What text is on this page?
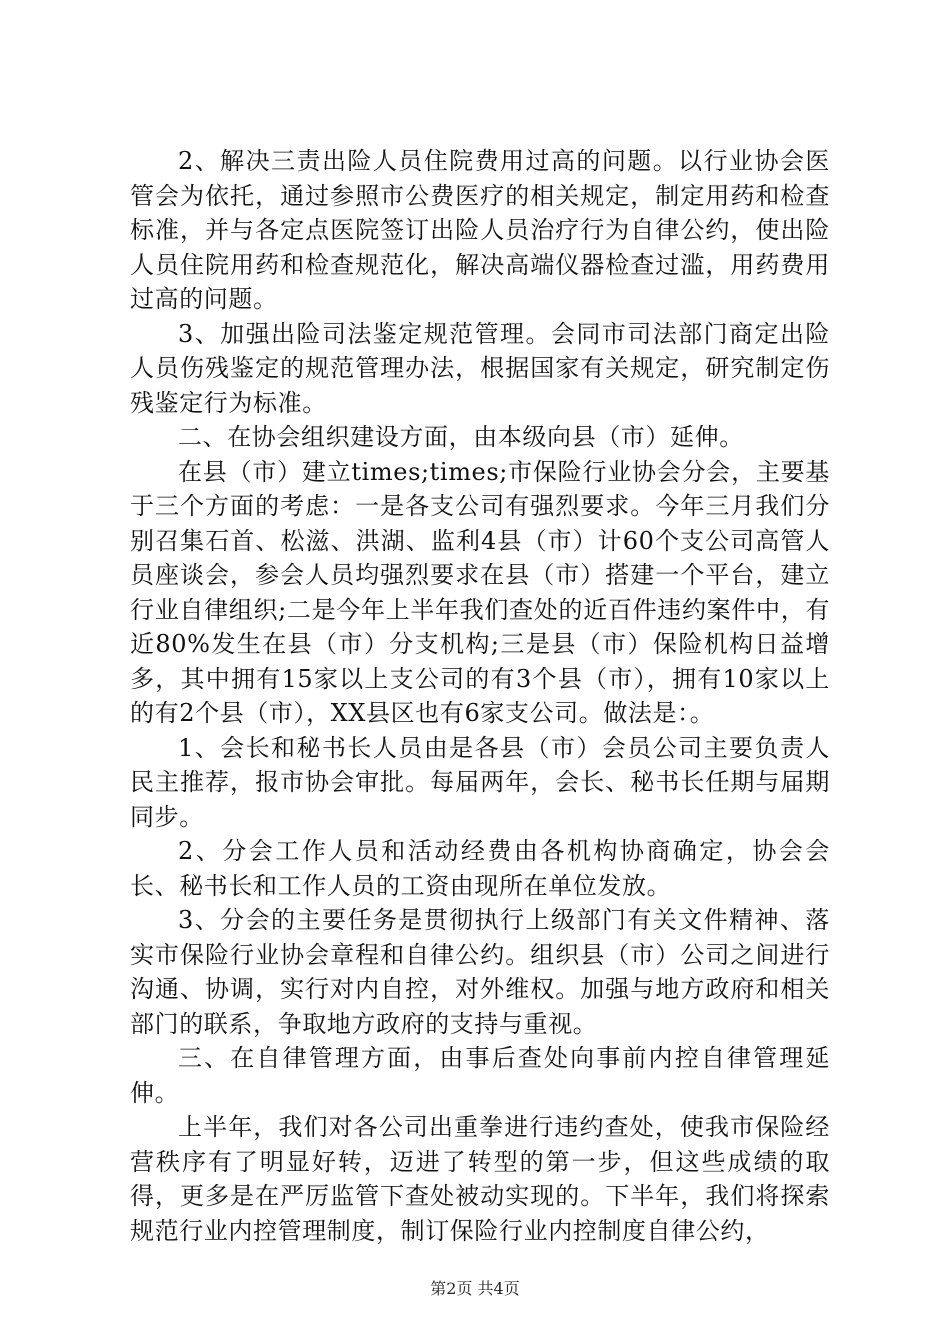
2、解决三责出险人员住院费用过高的问题。以行业协会医管会为依托，通过参照市公费医疗的相关规定，制定用药和检查标准，并与各定点医院签订出险人员治疗行为自律公约，使出险人员住院用药和检查规范化，解决高端仪器检查过滥，用药费用过高的问题。

3、加强出险司法鉴定规范管理。会同市司法部门商定出险人员伤残鉴定的规范管理办法，根据国家有关规定，研究制定伤残鉴定行为标准。

二、在协会组织建设方面，由本级向县（市）延伸。

在县（市）建立times;times;市保险行业协会分会，主要基于三个方面的考虑：一是各支公司有强烈要求。今年三月我们分别召集石首、松滋、洪湖、监利4县（市）计60个支公司高管人员座谈会，参会人员均强烈要求在县（市）搭建一个平台，建立行业自律组织;二是今年上半年我们查处的近百件违约案件中，有近80%发生在县（市）分支机构;三是县（市）保险机构日益增多，其中拥有15家以上支公司的有3个县（市），拥有10家以上的有2个县（市），XX县区也有6家支公司。做法是：。

1、会长和秘书长人员由是各县（市）会员公司主要负责人民主推荐，报市协会审批。每届两年，会长、秘书长任期与届期同步。

2、分会工作人员和活动经费由各机构协商确定，协会会长、秘书长和工作人员的工资由现所在单位发放。

3、分会的主要任务是贯彻执行上级部门有关文件精神、落实市保险行业协会章程和自律公约。组织县（市）公司之间进行沟通、协调，实行对内自控，对外维权。加强与地方政府和相关部门的联系，争取地方政府的支持与重视。

三、在自律管理方面，由事后查处向事前内控自律管理延伸。

上半年，我们对各公司出重拳进行违约查处，使我市保险经营秩序有了明显好转，迈进了转型的第一步，但这些成绩的取得，更多是在严厉监管下查处被动实现的。下半年，我们将探索规范行业内控管理制度，制订保险行业内控制度自律公约，

第2页 共4页
